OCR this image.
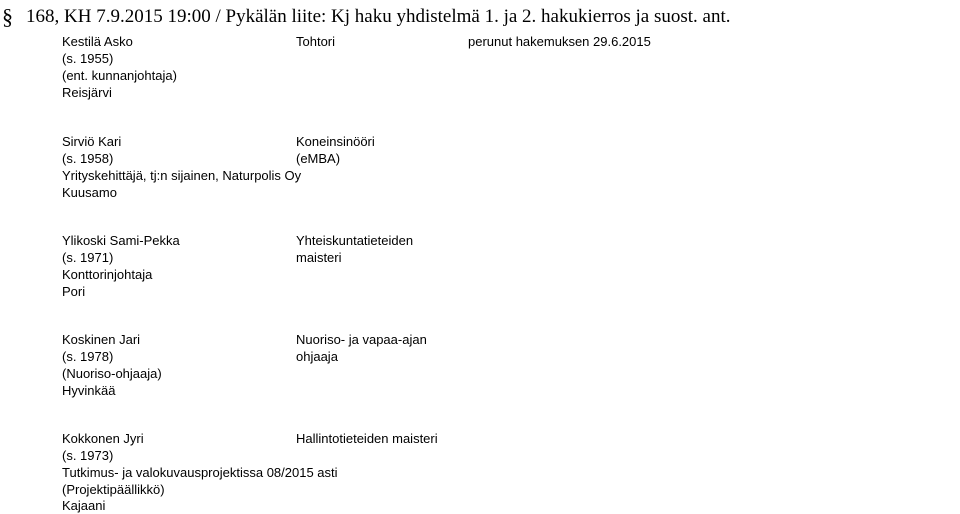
§ 168, KH 7.9.2015 19:00 / Pykälän liite: Kj haku yhdistelmä 1. ja 2. hakukierros ja suost. ant.
Kestilä Asko
(s. 1955)
(ent. kunnanjohtaja)
Reisjärvi
Tohtori	perunut hakemuksen 29.6.2015
Sirviö Kari
(s. 1958)
Yrityskehittäjä, tj:n sijainen, Naturpolis Oy
Kuusamo
Koneinsinööri
(eMBA)
Ylikoski Sami-Pekka
(s. 1971)
Konttorinjohtaja
Pori
Yhteiskuntatieteiden
maisteri
Koskinen Jari
(s. 1978)
(Nuoriso-ohjaaja)
Hyvinkää
Nuoriso- ja vapaa-ajan
ohjaaja
Kokkonen Jyri
(s. 1973)
Tutkimus- ja valokuvausprojektissa 08/2015 asti
(Projektipäällikkö)
Kajaani
Hallintotieteiden maisteri
